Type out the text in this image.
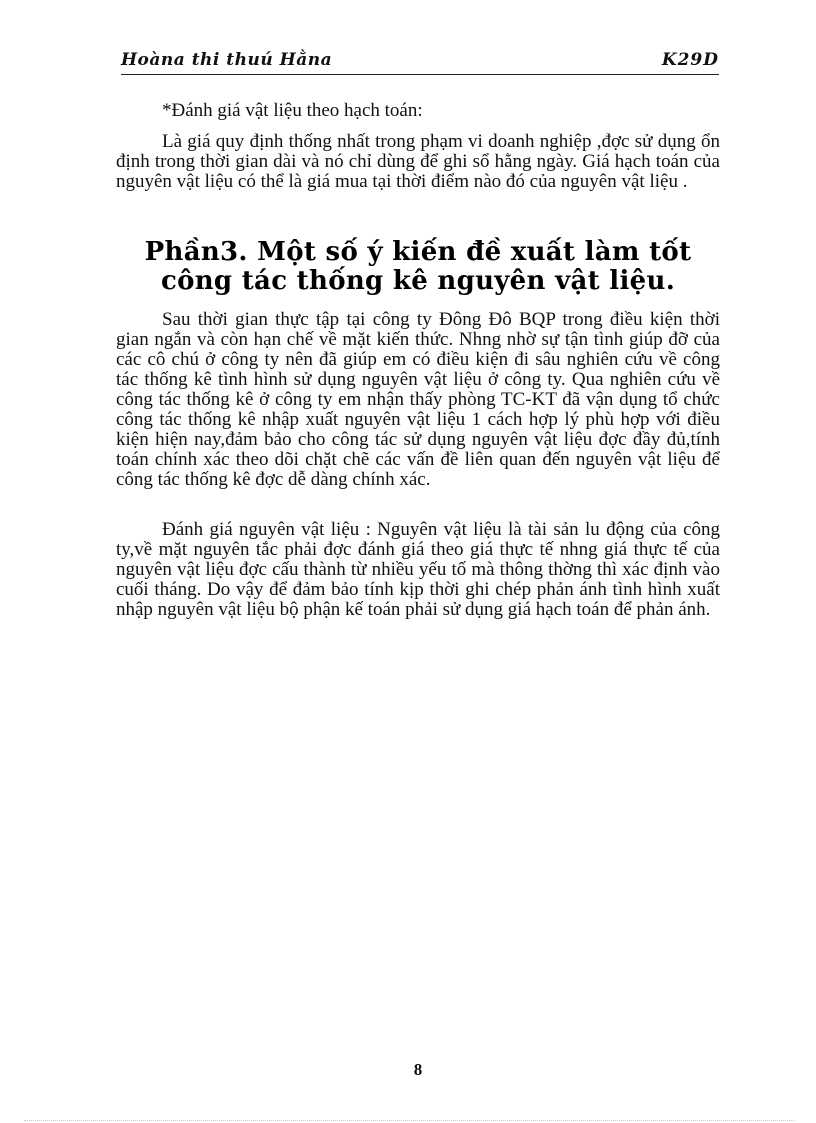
Hoàna thi thuú Hằna	K29D

*Đánh giá vật liệu theo hạch toán:

Là giá quy định thống nhất trong phạm vi doanh nghiệp ,đợc sử dụng ổn định trong thời gian dài và nó chỉ dùng để ghi sổ hằng ngày. Giá hạch toán của nguyên vật liệu có thể là giá mua tại thời điểm nào đó của nguyên vật liệu .

Phần3. Một số ý kiến đề xuất làm tốt công tác thống kê nguyên vật liệu.

Sau thời gian thực tập tại công ty Đông Đô BQP trong điều kiện thời gian ngắn và còn hạn chế về mặt kiến thức. Nhng nhờ sự tận tình giúp đỡ của các cô chú ở công ty nên đã giúp em có điều kiện đi sâu nghiên cứu về công tác thống kê tình hình sử dụng nguyên vật liệu ở công ty. Qua nghiên cứu về công tác thống kê ở công ty em nhận thấy phòng TC-KT đã vận dụng tổ chức công tác thống kê nhập xuất nguyên vật liệu 1 cách hợp lý phù hợp với điều kiện hiện nay,đảm bảo cho công tác sử dụng nguyên vật liệu đợc đầy đủ,tính toán chính xác theo dõi chặt chẽ các vấn đề liên quan đến nguyên vật liệu để công tác thống kê đợc dễ dàng chính xác.

Đánh giá nguyên vật liệu : Nguyên vật liệu là tài sản lu động của công ty,về mặt nguyên tắc phải đợc đánh giá theo giá thực tế nhng giá thực tế của nguyên vật liệu đợc cấu thành từ nhiều yếu tố mà thông thờng thì xác định vào cuối tháng. Do vậy để đảm bảo tính kịp thời ghi chép phản ánh tình hình xuất nhập nguyên vật liệu bộ phận kế toán phải sử dụng giá hạch toán để phản ánh.

8
